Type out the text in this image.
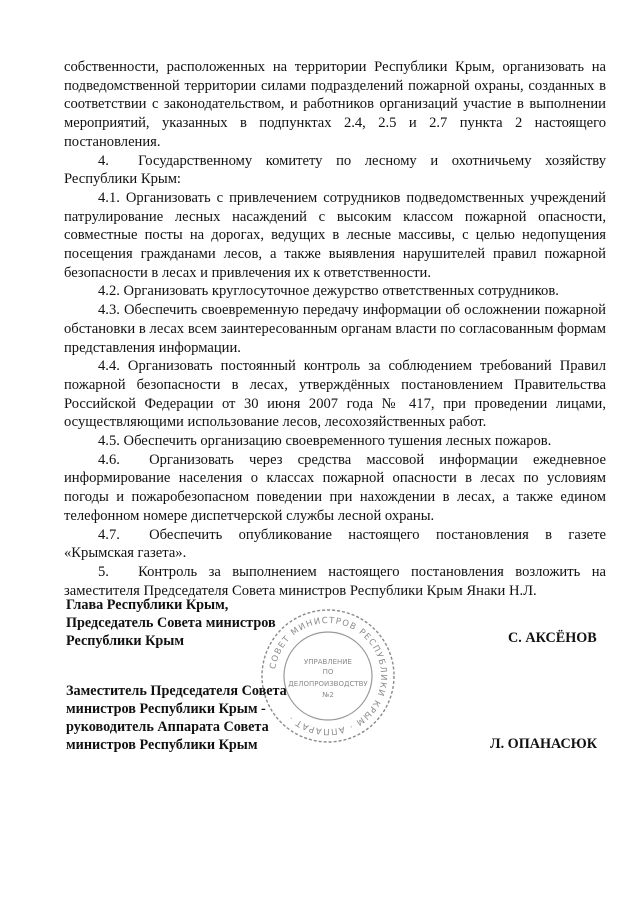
собственности, расположенных на территории Республики Крым, организовать на подведомственной территории силами подразделений пожарной охраны, созданных в соответствии с законодательством, и работников организаций участие в выполнении мероприятий, указанных в подпунктах 2.4, 2.5 и 2.7 пункта 2 настоящего постановления.

4.  Государственному комитету по лесному и охотничьему хозяйству Республики Крым:

4.1. Организовать с привлечением сотрудников подведомственных учреждений патрулирование лесных насаждений с высоким классом пожарной опасности, совместные посты на дорогах, ведущих в лесные массивы, с целью недопущения посещения гражданами лесов, а также выявления нарушителей правил пожарной безопасности в лесах и привлечения их к ответственности.

4.2. Организовать круглосуточное дежурство ответственных сотрудников.

4.3. Обеспечить своевременную передачу информации об осложнении пожарной обстановки в лесах всем заинтересованным органам власти по согласованным формам представления информации.

4.4. Организовать постоянный контроль за соблюдением требований Правил пожарной безопасности в лесах, утверждённых постановлением Правительства Российской Федерации от 30 июня 2007 года № 417, при проведении лицами, осуществляющими использование лесов, лесохозяйственных работ.

4.5. Обеспечить организацию своевременного тушения лесных пожаров.

4.6.  Организовать через средства массовой информации ежедневное информирование населения о классах пожарной опасности в лесах по условиям погоды и пожаробезопасном поведении при нахождении в лесах, а также едином телефонном номере диспетчерской службы лесной охраны.

4.7.  Обеспечить опубликование настоящего постановления в газете «Крымская газета».

5.  Контроль за выполнением настоящего постановления возложить на заместителя Председателя Совета министров Республики Крым Янаки Н.Л.

Глава Республики Крым,
Председатель Совета министров
Республики Крым	С. АКСЁНОВ
СОВЕТ МИНИСТРОВ РЕСПУБЛИКИ КРЫМ · АППАРАТ ·
УПРАВЛЕНИЕ
ПО
ДЕЛОПРОИЗВОДСТВУ
№2
Заместитель Председателя Совета
министров Республики Крым -
руководитель Аппарата Совета
министров Республики Крым	Л. ОПАНАСЮК
